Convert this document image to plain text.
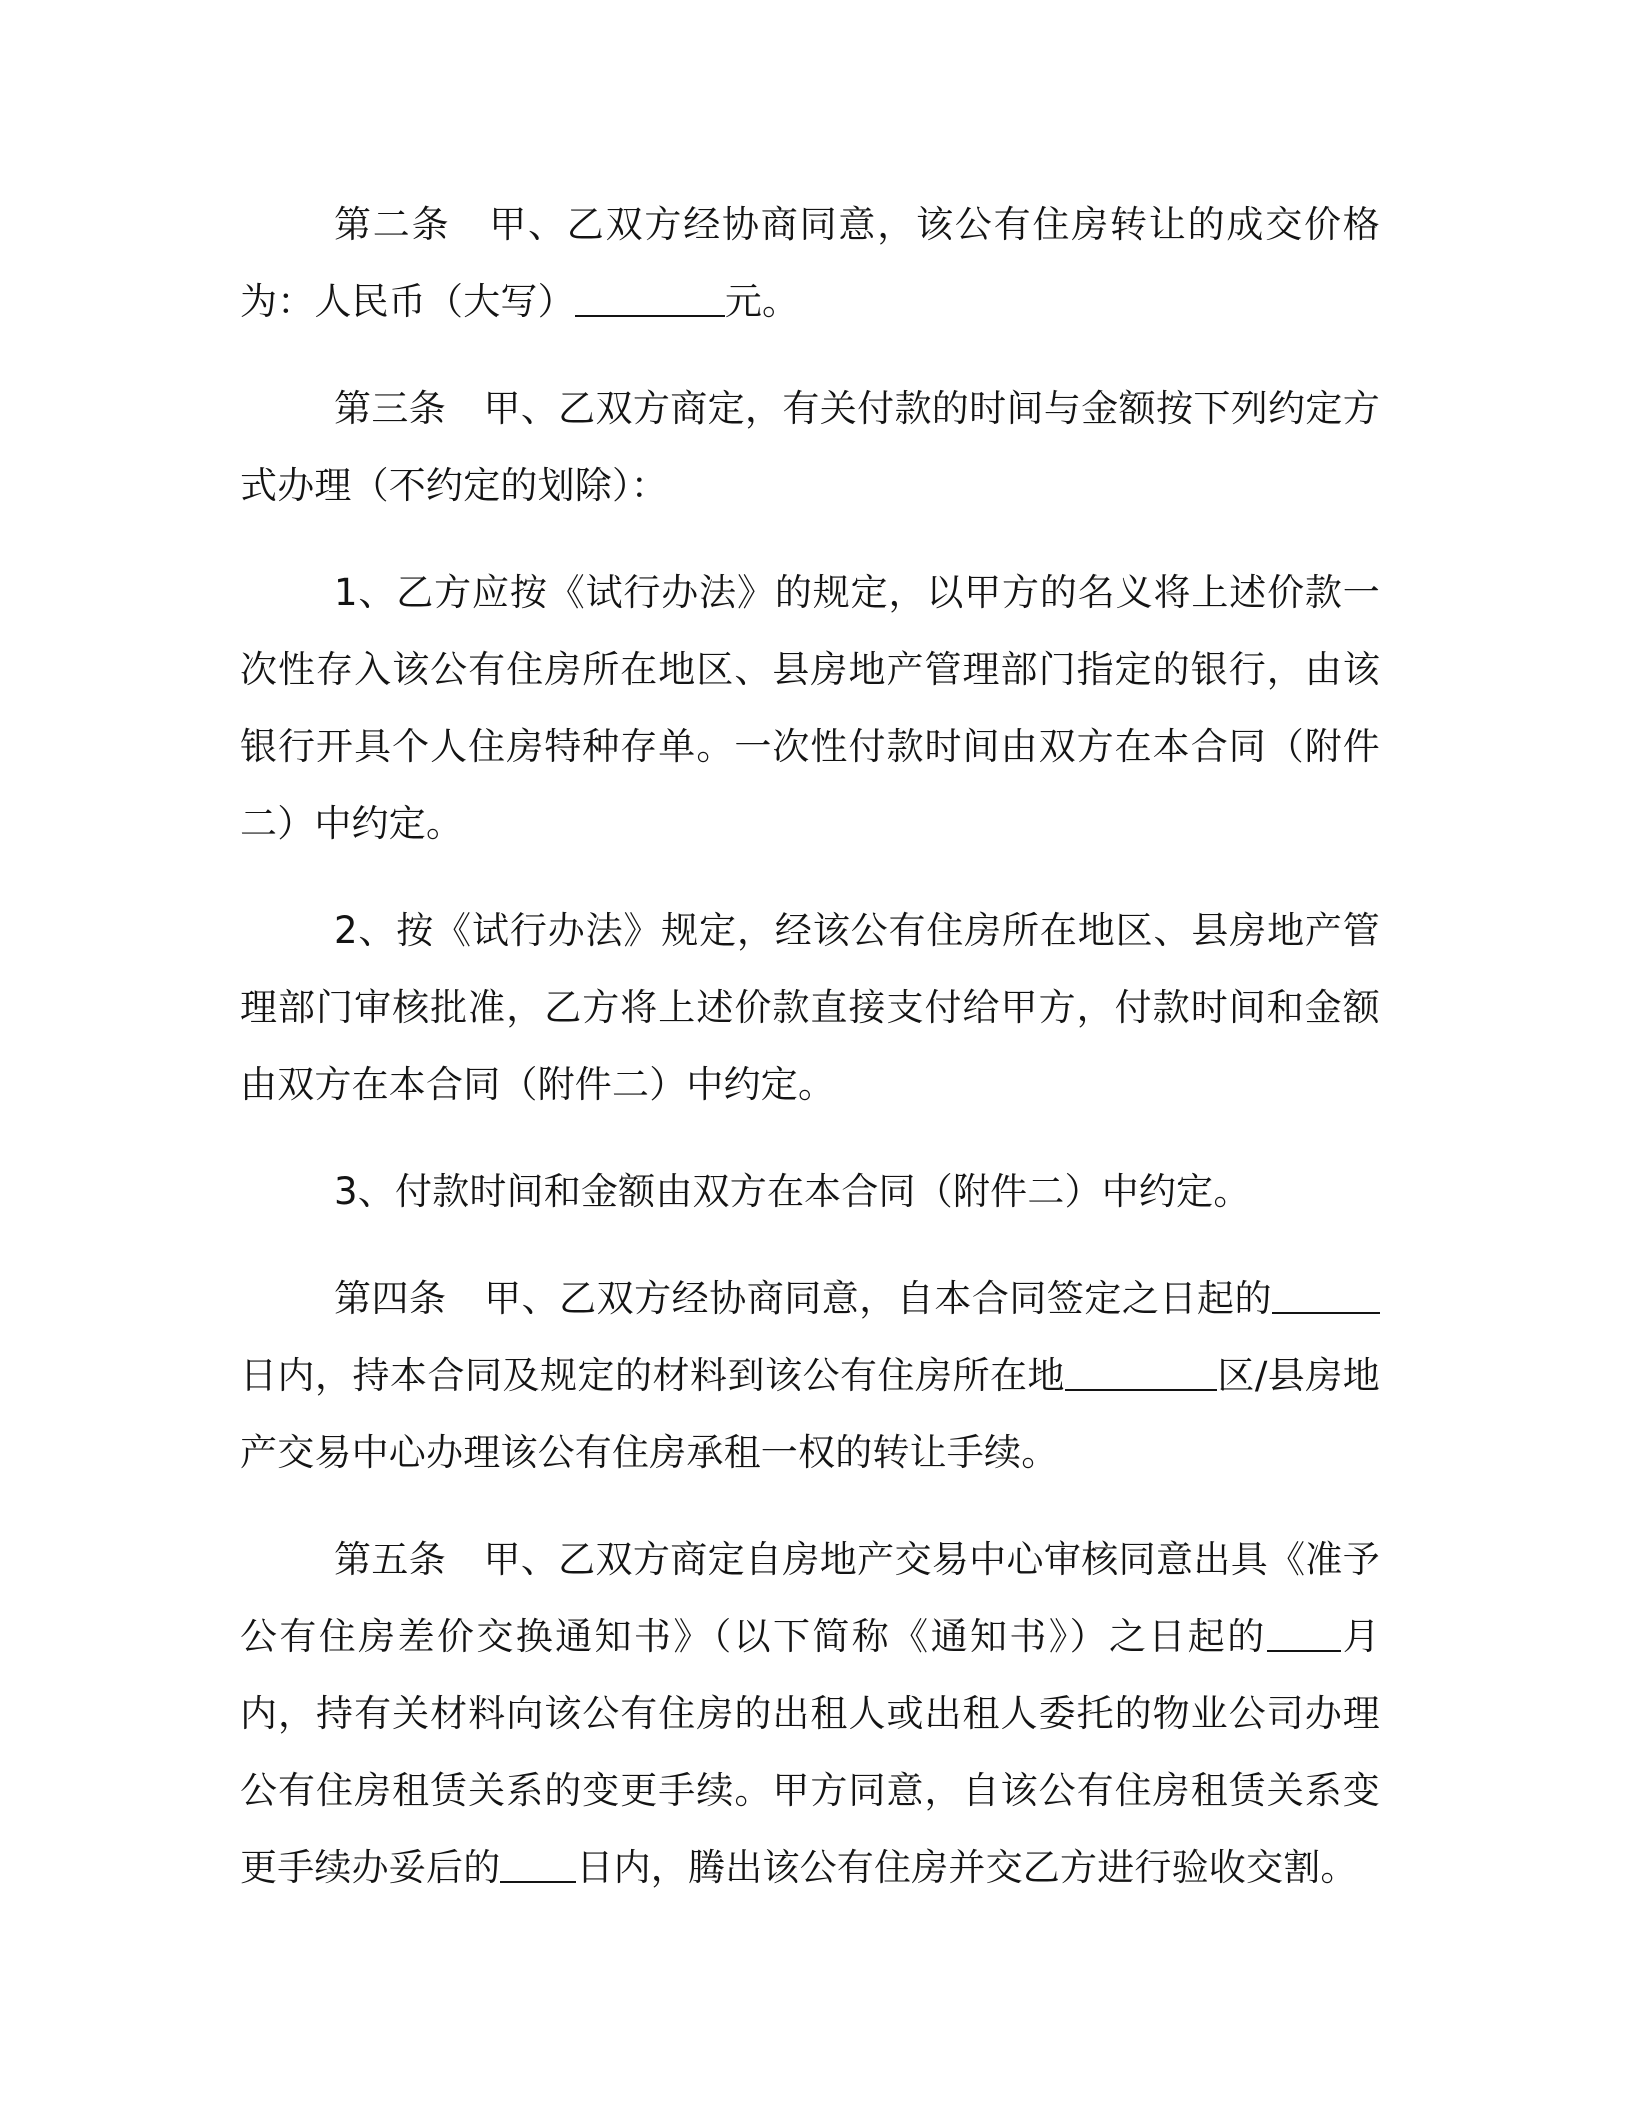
第二条　甲、乙双方经协商同意，该公有住房转让的成交价格为：人民币（大写）	元。

第三条　甲、乙双方商定，有关付款的时间与金额按下列约定方式办理（不约定的划除）：

1、乙方应按《试行办法》的规定，以甲方的名义将上述价款一次性存入该公有住房所在地区、县房地产管理部门指定的银行，由该银行开具个人住房特种存单。一次性付款时间由双方在本合同（附件二）中约定。

2、按《试行办法》规定，经该公有住房所在地区、县房地产管理部门审核批准，乙方将上述价款直接支付给甲方，付款时间和金额由双方在本合同（附件二）中约定。

3、付款时间和金额由双方在本合同（附件二）中约定。

第四条　甲、乙双方经协商同意，自本合同签定之日起的日内，持本合同及规定的材料到该公有住房所在地	区/县房地产交易中心办理该公有住房承租一权的转让手续。

第五条　甲、乙双方商定自房地产交易中心审核同意出具《准予公有住房差价交换通知书》（以下简称《通知书》）之日起的 月内，持有关材料向该公有住房的出租人或出租人委托的物业公司办理公有住房租赁关系的变更手续。甲方同意，自该公有住房租赁关系变更手续办妥后的 日内，腾出该公有住房并交乙方进行验收交割。
